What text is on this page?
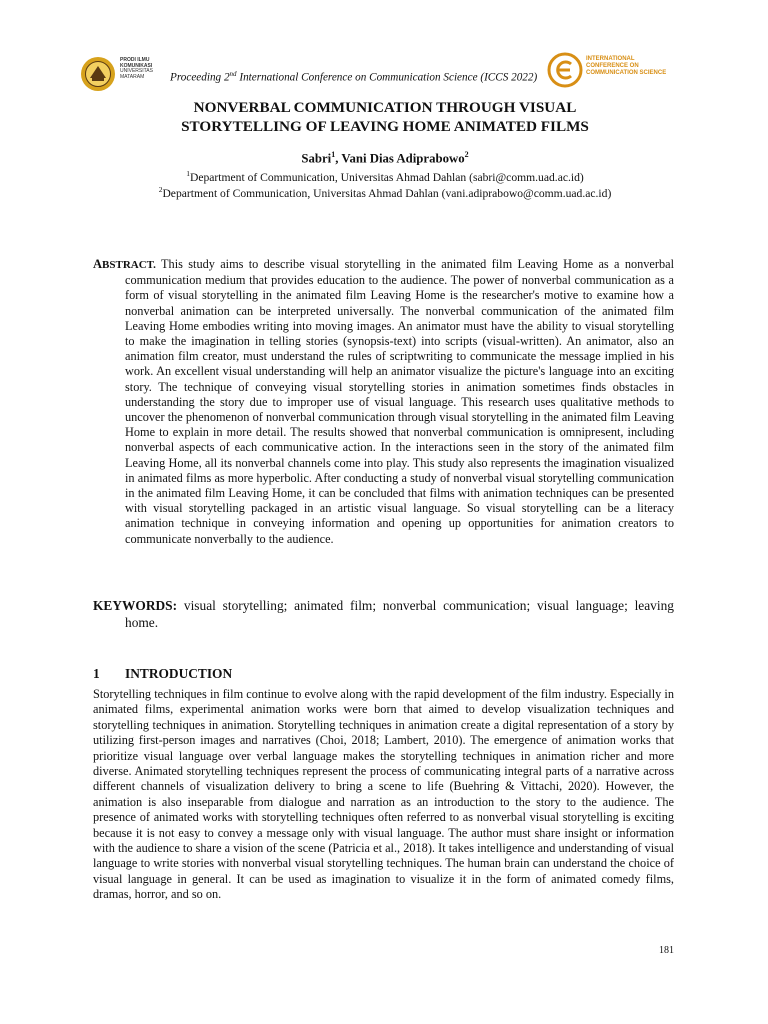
PRODI ILMU
KOMUNIKASI
UNIVERSITAS
MATARAM	Proceeding 2nd International Conference on Communication Science (ICCS 2022)
INTERNATIONAL
CONFERENCE ON
COMMUNICATION SCIENCE
NONVERBAL COMMUNICATION THROUGH VISUAL
STORYTELLING OF LEAVING HOME ANIMATED FILMS
Sabri$^1$, Vani Dias Adiprabowo$^2$
$^1$Department of Communication, Universitas Ahmad Dahlan (sabri@comm.uad.ac.id)
$^2$Department of Communication, Universitas Ahmad Dahlan (vani.adiprabowo@comm.uad.ac.id)
ABSTRACT. This study aims to describe visual storytelling in the animated film Leaving Home as a nonverbal communication medium that provides education to the audience. The power of nonverbal communication as a form of visual storytelling in the animated film Leaving Home is the researcher's motive to examine how a nonverbal animation can be interpreted universally. The nonverbal communication of the animated film Leaving Home embodies writing into moving images. An animator must have the ability to visual storytelling to make the imagination in telling stories (synopsis-text) into scripts (visual-written). An animator, also an animation film creator, must understand the rules of scriptwriting to communicate the message implied in his work. An excellent visual understanding will help an animator visualize the picture's language into an exciting story. The technique of conveying visual storytelling stories in animation sometimes finds obstacles in understanding the story due to improper use of visual language. This research uses qualitative methods to uncover the phenomenon of nonverbal communication through visual storytelling in the animated film Leaving Home to explain in more detail. The results showed that nonverbal communication is omnipresent, including nonverbal aspects of each communicative action. In the interactions seen in the story of the animated film Leaving Home, all its nonverbal channels come into play. This study also represents the imagination visualized in animated films as more hyperbolic. After conducting a study of nonverbal visual storytelling communication in the animated film Leaving Home, it can be concluded that films with animation techniques can be presented with visual storytelling packaged in an artistic visual language. So visual storytelling can be a literacy animation technique in conveying information and opening up opportunities for animation creators to communicate nonverbally to the audience.
KEYWORDS: visual storytelling; animated film; nonverbal communication; visual language; leaving home.
1 INTRODUCTION
Storytelling techniques in film continue to evolve along with the rapid development of the film industry. Especially in animated films, experimental animation works were born that aimed to develop visualization techniques and storytelling techniques in animation. Storytelling techniques in animation create a digital representation of a story by utilizing first-person images and narratives (Choi, 2018; Lambert, 2010). The emergence of animation works that prioritize visual language over verbal language makes the storytelling techniques in animation richer and more diverse. Animated storytelling techniques represent the process of communicating integral parts of a narrative across different channels of visualization delivery to bring a scene to life (Buehring & Vittachi, 2020). However, the animation is also inseparable from dialogue and narration as an introduction to the story to the audience. The presence of animated works with storytelling techniques often referred to as nonverbal visual storytelling is exciting because it is not easy to convey a message only with visual language. The author must share insight or information with the audience to share a vision of the scene (Patricia et al., 2018). It takes intelligence and understanding of visual language to write stories with nonverbal visual storytelling techniques. The human brain can understand the choice of visual language in general. It can be used as imagination to visualize it in the form of animated comedy films, dramas, horror, and so on.
181
